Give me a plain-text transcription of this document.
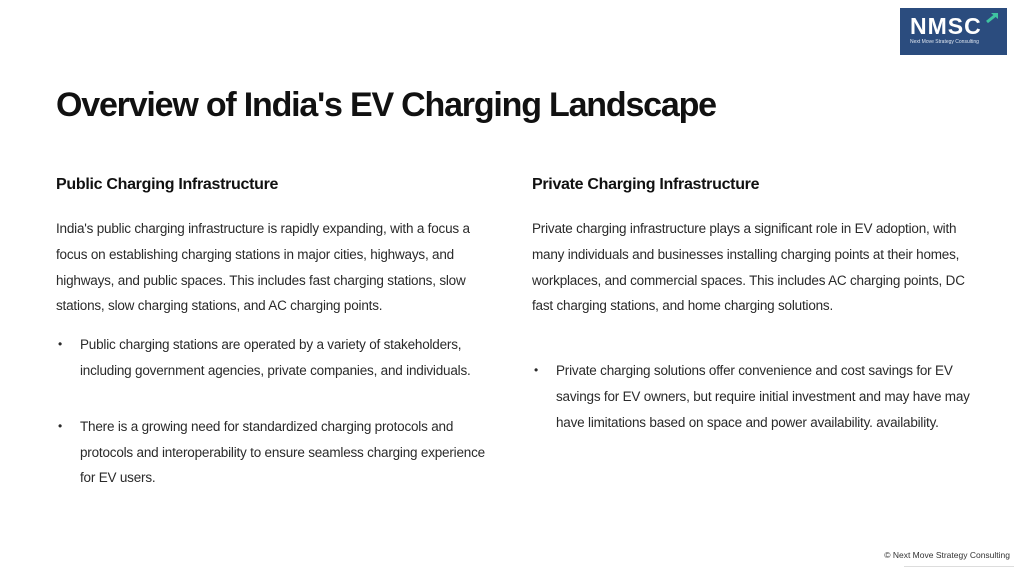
NMSC
Next Move Strategy Consulting
Overview of India's EV Charging Landscape
Public Charging Infrastructure

India's public charging infrastructure is rapidly expanding, with a focus a focus on establishing charging stations in major cities, highways, and highways, and public spaces. This includes fast charging stations, slow stations, slow charging stations, and AC charging points.

• Public charging stations are operated by a variety of stakeholders, including government agencies, private companies, and individuals.
• There is a growing need for standardized charging protocols and protocols and interoperability to ensure seamless charging experience for EV users.
Private Charging Infrastructure

Private charging infrastructure plays a significant role in EV adoption, with many individuals and businesses installing charging points at their homes, workplaces, and commercial spaces. This includes AC charging points, DC fast charging stations, and home charging solutions.

• Private charging solutions offer convenience and cost savings for EV savings for EV owners, but require initial investment and may have may have limitations based on space and power availability. availability.
© Next Move Strategy Consulting
